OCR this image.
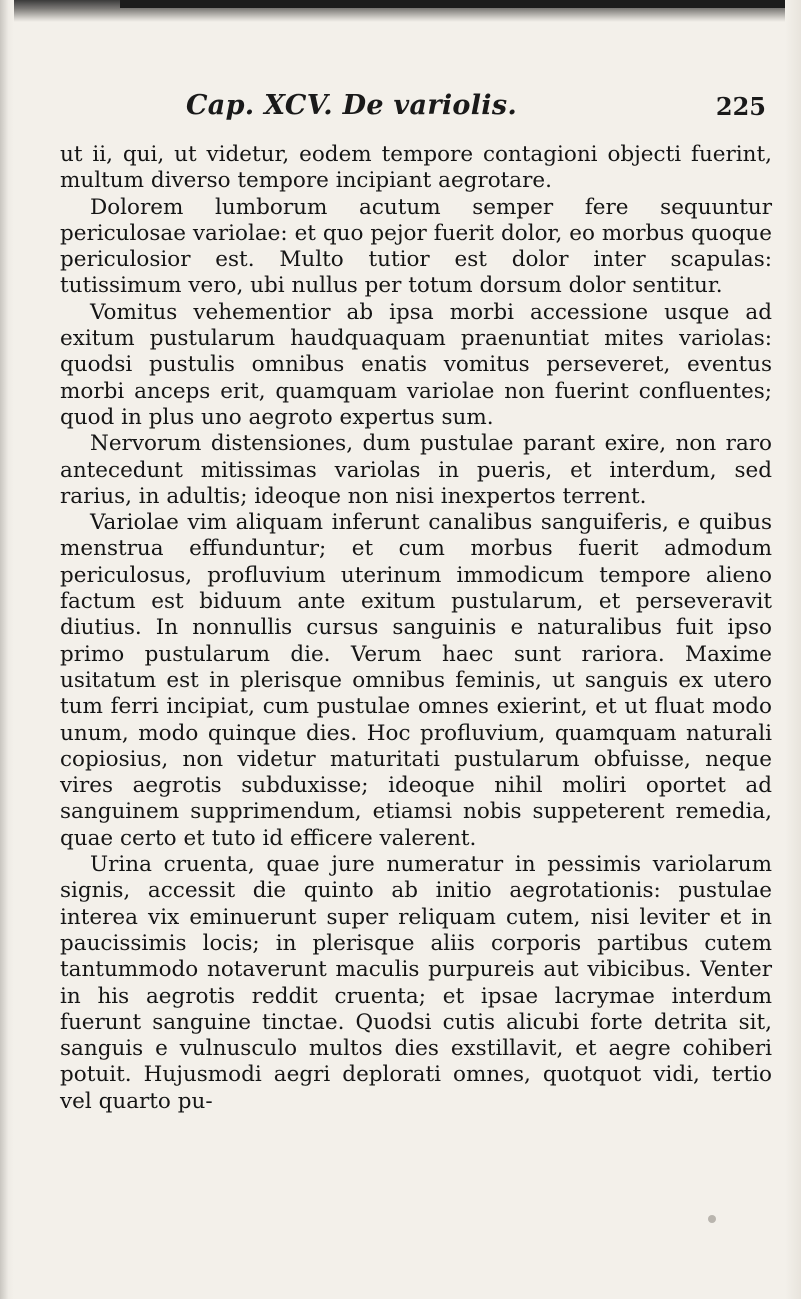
Cap. XCV. De variolis.	225

ut ii, qui, ut videtur, eodem tempore contagioni objecti fuerint, multum diverso tempore incipiant aegrotare.

Dolorem lumborum acutum semper fere sequuntur periculosae variolae: et quo pejor fuerit dolor, eo morbus quoque periculosior est. Multo tutior est dolor inter scapulas: tutissimum vero, ubi nullus per totum dorsum dolor sentitur.

Vomitus vehementior ab ipsa morbi accessione usque ad exitum pustularum haudquaquam praenuntiat mites variolas: quodsi pustulis omnibus enatis vomitus perseveret, eventus morbi anceps erit, quamquam variolae non fuerint confluentes; quod in plus uno aegroto expertus sum.

Nervorum distensiones, dum pustulae parant exire, non raro antecedunt mitissimas variolas in pueris, et interdum, sed rarius, in adultis; ideoque non nisi inexpertos terrent.

Variolae vim aliquam inferunt canalibus sanguiferis, e quibus menstrua effunduntur; et cum morbus fuerit admodum periculosus, profluvium uterinum immodicum tempore alieno factum est biduum ante exitum pustularum, et perseveravit diutius. In nonnullis cursus sanguinis e naturalibus fuit ipso primo pustularum die. Verum haec sunt rariora. Maxime usitatum est in plerisque omnibus feminis, ut sanguis ex utero tum ferri incipiat, cum pustulae omnes exierint, et ut fluat modo unum, modo quinque dies. Hoc profluvium, quamquam naturali copiosius, non videtur maturitati pustularum obfuisse, neque vires aegrotis subduxisse; ideoque nihil moliri oportet ad sanguinem supprimendum, etiamsi nobis suppeterent remedia, quae certo et tuto id efficere valerent.

Urina cruenta, quae jure numeratur in pessimis variolarum signis, accessit die quinto ab initio aegrotationis: pustulae interea vix eminuerunt super reliquam cutem, nisi leviter et in paucissimis locis; in plerisque aliis corporis partibus cutem tantummodo notaverunt maculis purpureis aut vibicibus. Venter in his aegrotis reddit cruenta; et ipsae lacrymae interdum fuerunt sanguine tinctae. Quodsi cutis alicubi forte detrita sit, sanguis e vulnusculo multos dies exstillavit, et aegre cohiberi potuit. Hujusmodi aegri deplorati omnes, quotquot vidi, tertio vel quarto pu-
